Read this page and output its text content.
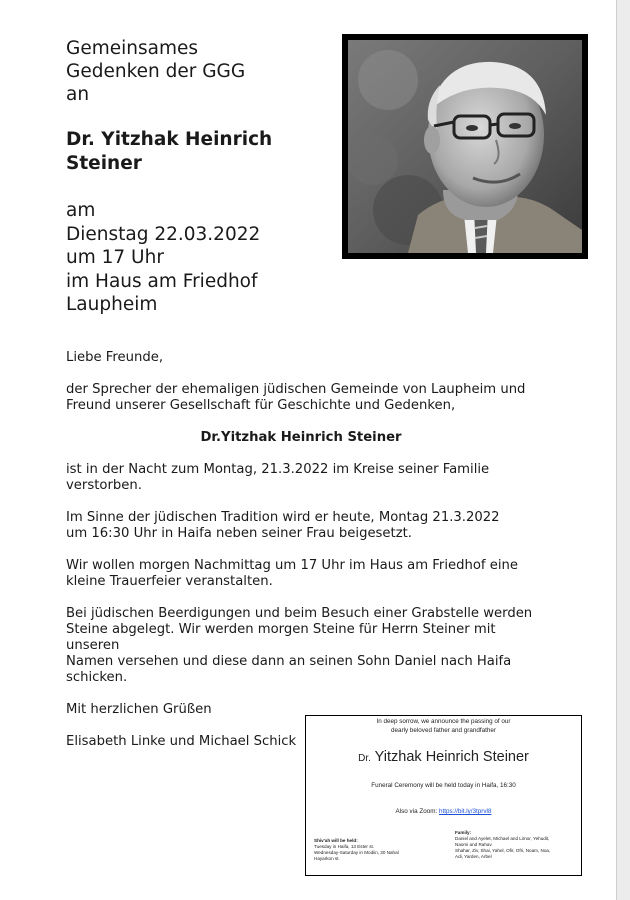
Gemeinsames
Gedenken der GGG
an
Dr. Yitzhak Heinrich
Steiner
am
Dienstag 22.03.2022
um 17 Uhr
im Haus am Friedhof
Laupheim

Liebe Freunde,

der Sprecher der ehemaligen jüdischen Gemeinde von Laupheim und
Freund unserer Gesellschaft für Geschichte und Gedenken,

Dr.Yitzhak Heinrich Steiner

ist in der Nacht zum Montag, 21.3.2022 im Kreise seiner Familie
verstorben.

Im Sinne der jüdischen Tradition wird er heute, Montag 21.3.2022
um 16:30 Uhr in Haifa neben seiner Frau beigesetzt.

Wir wollen morgen Nachmittag um 17 Uhr im Haus am Friedhof eine
kleine Trauerfeier veranstalten.

Bei jüdischen Beerdigungen und beim Besuch einer Grabstelle werden
Steine abgelegt. Wir werden morgen Steine für Herrn Steiner mit unseren
Namen versehen und diese dann an seinen Sohn Daniel nach Haifa
schicken.

Mit herzlichen Grüßen

Elisabeth Linke und Michael Schick

In deep sorrow, we announce the passing of our
dearly beloved father and grandfather
Dr. Yitzhak Heinrich Steiner
Funeral Ceremony will be held today in Haifa, 16:30
Also via Zoom: https://bit.ly/3tprvl8
Shiv'ah will be held:
Tuesday in Haifa, 13 Ester st.
Wednesday-Saturday in Modiin, 30 Nahal
Hayarkon st.
Family:
Daniel and Ayelet, Michael and Limor, Yehudit,
Naomi and Rahav
Shahar, Ziv, Shai, Yahel, Ofir, Ofri, Noam, Noa,
Adi, Yarden, Arbel
